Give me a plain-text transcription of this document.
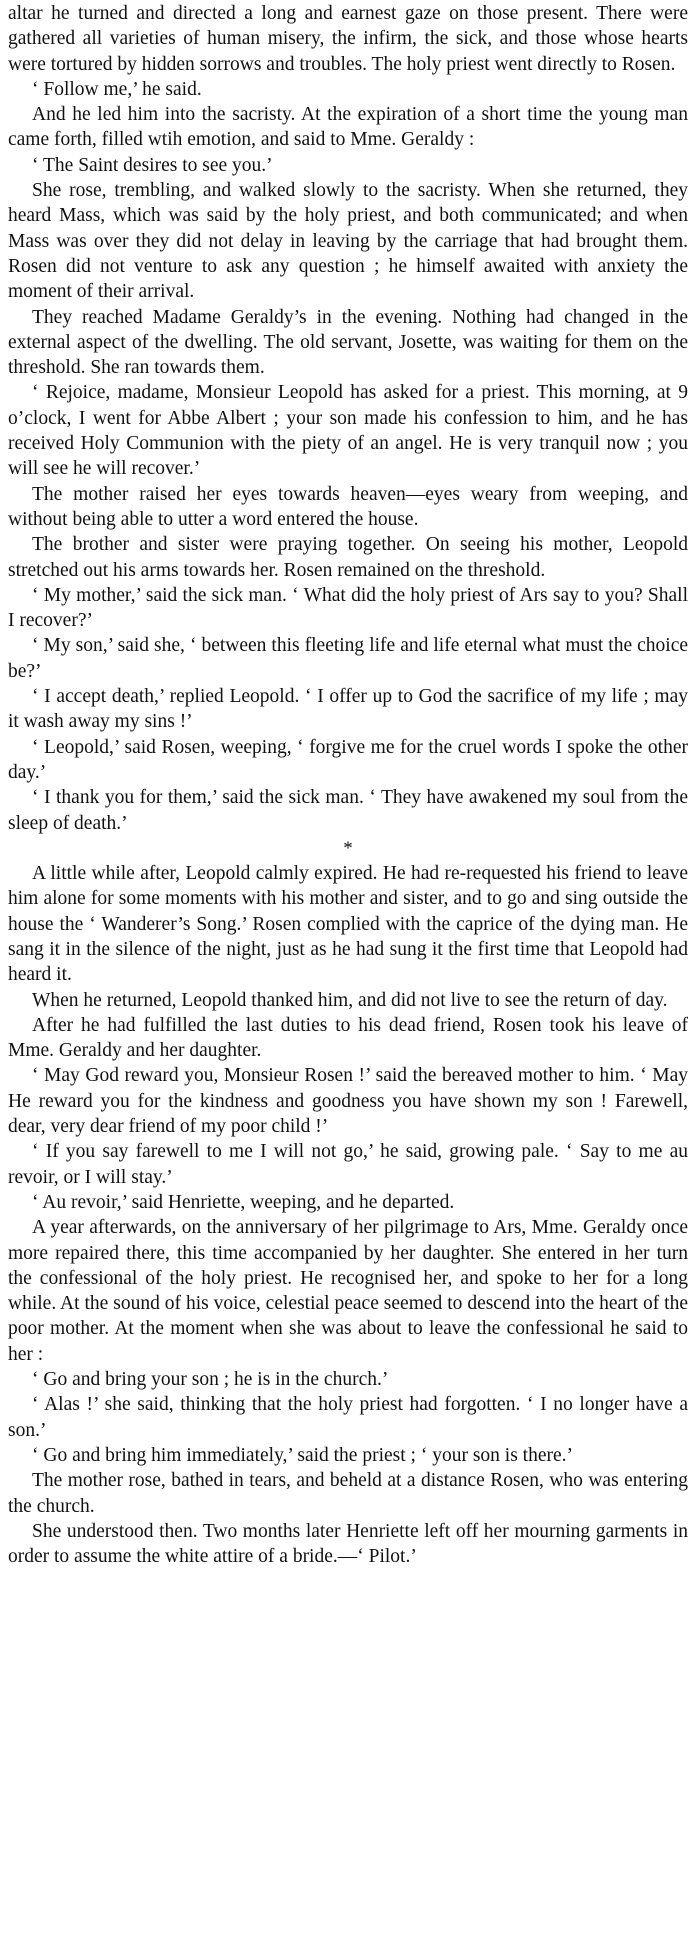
altar he turned and directed a long and earnest gaze on those present. There were gathered all varieties of human misery, the infirm, the sick, and those whose hearts were tortured by hidden sorrows and troubles. The holy priest went directly to Rosen.

‘ Follow me,’ he said.

And he led him into the sacristy. At the expiration of a short time the young man came forth, filled wtih emotion, and said to Mme. Geraldy :

‘ The Saint desires to see you.’

She rose, trembling, and walked slowly to the sacristy. When she returned, they heard Mass, which was said by the holy priest, and both communicated; and when Mass was over they did not delay in leaving by the carriage that had brought them. Rosen did not venture to ask any question ; he himself awaited with anxiety the moment of their arrival.

They reached Madame Geraldy’s in the evening. Nothing had changed in the external aspect of the dwelling. The old servant, Josette, was waiting for them on the threshold. She ran towards them.

‘ Rejoice, madame, Monsieur Leopold has asked for a priest. This morning, at 9 o’clock, I went for Abbe Albert ; your son made his confession to him, and he has received Holy Communion with the piety of an angel. He is very tranquil now ; you will see he will recover.’

The mother raised her eyes towards heaven—eyes weary from weeping, and without being able to utter a word entered the house.

The brother and sister were praying together. On seeing his mother, Leopold stretched out his arms towards her. Rosen remained on the threshold.

‘ My mother,’ said the sick man. ‘ What did the holy priest of Ars say to you? Shall I recover?’

‘ My son,’ said she, ‘ between this fleeting life and life eternal what must the choice be?’

‘ I accept death,’ replied Leopold. ‘ I offer up to God the sacrifice of my life ; may it wash away my sins !’

‘ Leopold,’ said Rosen, weeping, ‘ forgive me for the cruel words I spoke the other day.’

‘ I thank you for them,’ said the sick man. ‘ They have awakened my soul from the sleep of death.’

*

A little while after, Leopold calmly expired. He had re-requested his friend to leave him alone for some moments with his mother and sister, and to go and sing outside the house the ‘ Wanderer’s Song.’ Rosen complied with the caprice of the dying man. He sang it in the silence of the night, just as he had sung it the first time that Leopold had heard it.

When he returned, Leopold thanked him, and did not live to see the return of day.

After he had fulfilled the last duties to his dead friend, Rosen took his leave of Mme. Geraldy and her daughter.

‘ May God reward you, Monsieur Rosen !’ said the bereaved mother to him. ‘ May He reward you for the kindness and goodness you have shown my son ! Farewell, dear, very dear friend of my poor child !’

‘ If you say farewell to me I will not go,’ he said, growing pale. ‘ Say to me au revoir, or I will stay.’

‘ Au revoir,’ said Henriette, weeping, and he departed.

A year afterwards, on the anniversary of her pilgrimage to Ars, Mme. Geraldy once more repaired there, this time accompanied by her daughter. She entered in her turn the confessional of the holy priest. He recognised her, and spoke to her for a long while. At the sound of his voice, celestial peace seemed to descend into the heart of the poor mother. At the moment when she was about to leave the confessional he said to her :

‘ Go and bring your son ; he is in the church.’

‘ Alas !’ she said, thinking that the holy priest had forgotten. ‘ I no longer have a son.’

‘ Go and bring him immediately,’ said the priest ; ‘ your son is there.’

The mother rose, bathed in tears, and beheld at a distance Rosen, who was entering the church.

She understood then. Two months later Henriette left off her mourning garments in order to assume the white attire of a bride.—‘ Pilot.’
